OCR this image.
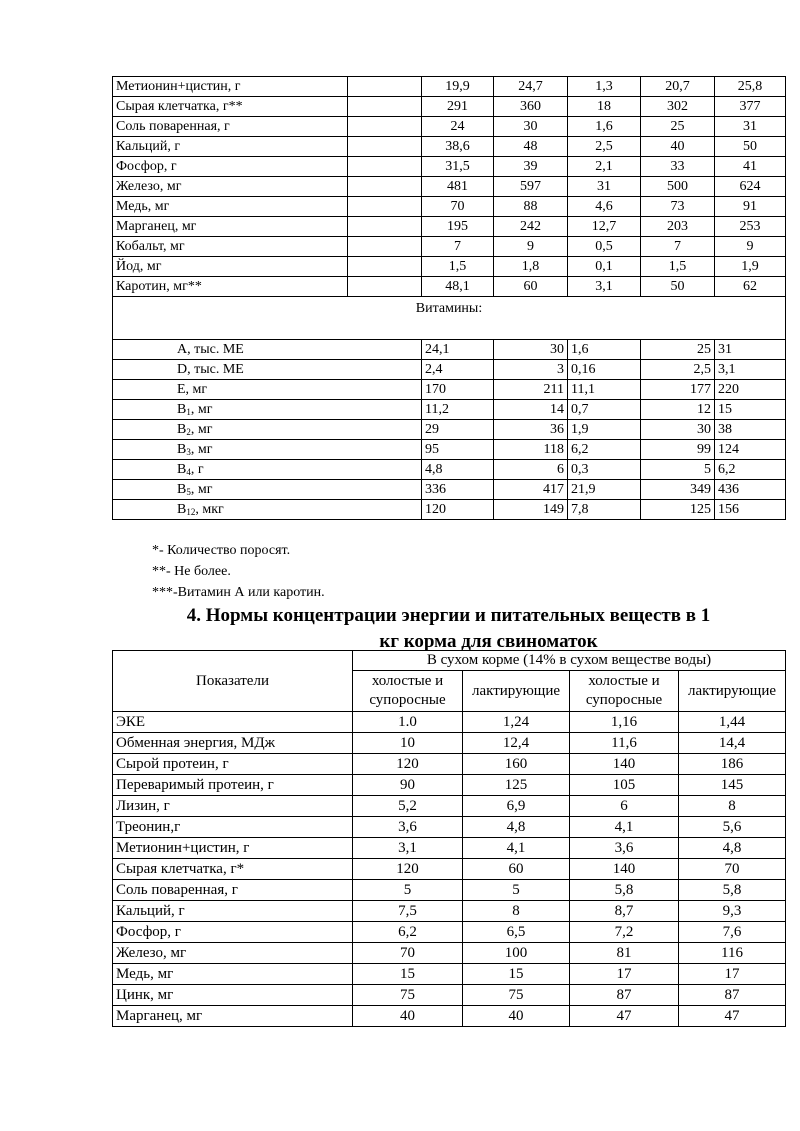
Метионин+цистин, г		19,9	24,7	1,3	20,7	25,8	
Сырая клетчатка, г**		291	360	18	302	377	
Соль поваренная, г		24	30	1,6	25	31	
Кальций, г		38,6	48	2,5	40	50	
Фосфор, г		31,5	39	2,1	33	41	
Железо, мг		481	597	31	500	624	
Медь, мг		70	88	4,6	73	91	
Марганец, мг		195	242	12,7	203	253	
Кобальт, мг		7	9	0,5	7	9	
Йод, мг		1,5	1,8	0,1	1,5	1,9	
Каротин, мг**		48,1	60	3,1	50	62	
Витамины:							
A, тыс. МЕ		24,1	30	1,6	25	31	
D, тыс. МЕ		2,4	3	0,16	2,5	3,1	
E, мг		170	211	11,1	177	220	
$B_1$, мг		11,2	14	0,7	12	15	
$B_2$, мг		29	36	1,9	30	38	
$B_3$, мг		95	118	6,2	99	124	
$B_4$, г		4,8	6	0,3	5	6,2	
$B_5$, мг		336	417	21,9	349	436	
$B_{12}$, мкг		120	149	7,8	125	156	
*- Количество поросят.
**- Не более.
***-Витамин А или каротин.
4. Нормы концентрации энергии и питательных веществ в 1
кг корма для свиноматок
Показатели	В сухом корме (14% в сухом веществе воды)			
	холостые и супоросные	лактирующие	холостые и супоросные	лактирующие
ЭКЕ	1.0	1,24	1,16	1,44
Обменная энергия, МДж	10	12,4	11,6	14,4
Сырой протеин, г	120	160	140	186
Переваримый протеин, г	90	125	105	145
Лизин, г	5,2	6,9	6	8
Треонин,г	3,6	4,8	4,1	5,6
Метионин+цистин, г	3,1	4,1	3,6	4,8
Сырая клетчатка, г*	120	60	140	70
Соль поваренная, г	5	5	5,8	5,8
Кальций, г	7,5	8	8,7	9,3
Фосфор, г	6,2	6,5	7,2	7,6
Железо, мг	70	100	81	116
Медь, мг	15	15	17	17
Цинк, мг	75	75	87	87
Марганец, мг	40	40	47	47
